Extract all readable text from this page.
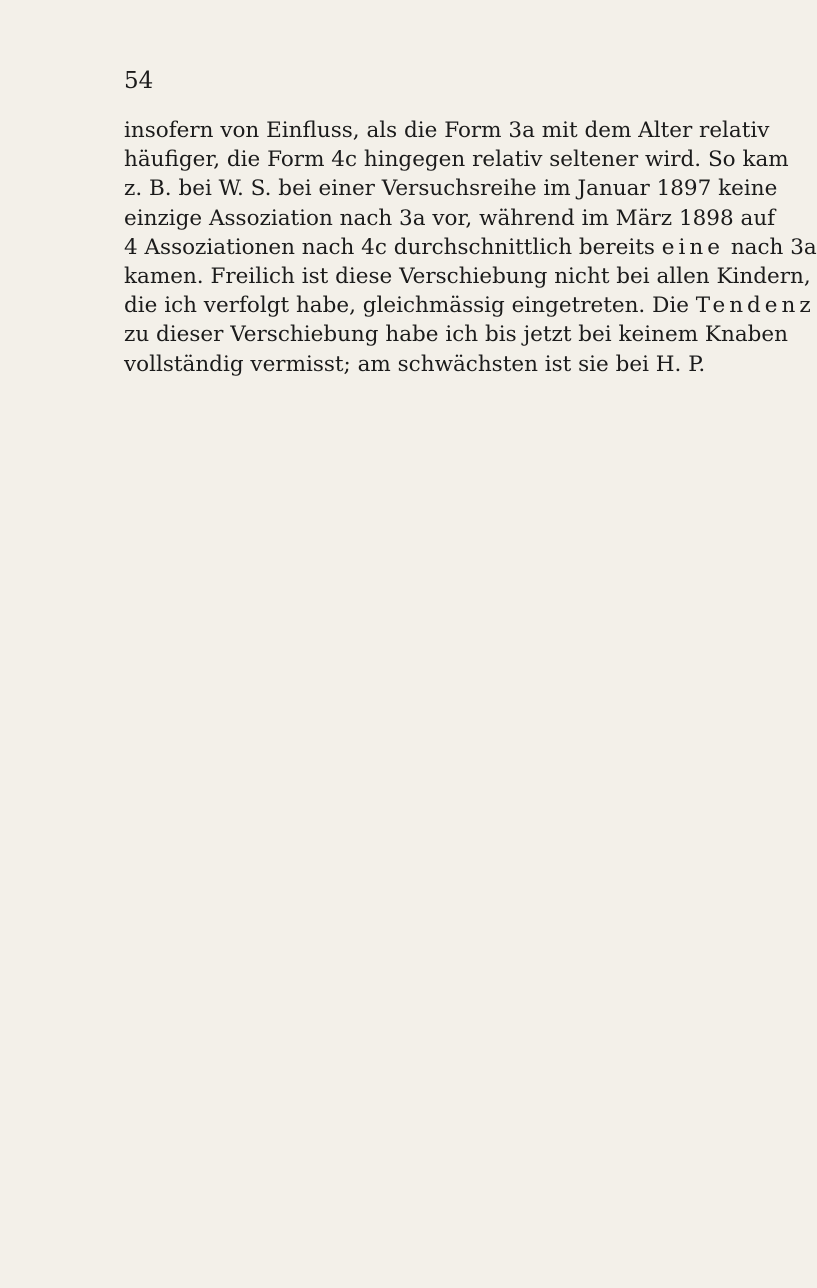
54
insofern von Einfluss, als die Form 3a mit dem Alter relativ
häufiger, die Form 4c hingegen relativ seltener wird. So kam
z. B. bei W. S. bei einer Versuchsreihe im Januar 1897 keine
einzige Assoziation nach 3a vor, während im März 1898 auf
4 Assoziationen nach 4c durchschnittlich bereits eine nach 3a
kamen. Freilich ist diese Verschiebung nicht bei allen Kindern,
die ich verfolgt habe, gleichmässig eingetreten. Die Tendenz
zu dieser Verschiebung habe ich bis jetzt bei keinem Knaben
vollständig vermisst; am schwächsten ist sie bei H. P.
